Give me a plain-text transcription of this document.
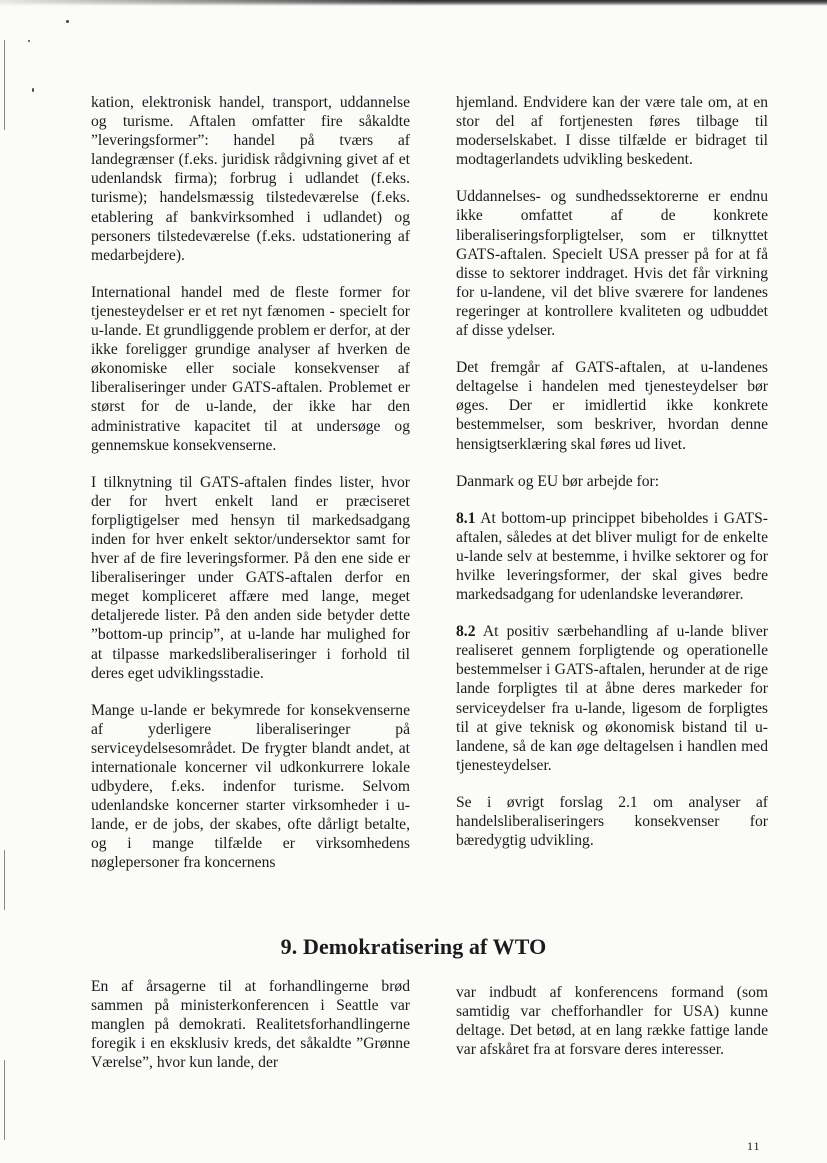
kation, elektronisk handel, transport, uddannelse og turisme. Aftalen omfatter fire såkaldte ”leveringsformer”: handel på tværs af landegrænser (f.eks. juridisk rådgivning givet af et udenlandsk firma); forbrug i udlandet (f.eks. turisme); handelsmæssig tilstedeværelse (f.eks. etablering af bankvirksomhed i udlandet) og personers tilstedeværelse (f.eks. udstationering af medarbejdere).

International handel med de fleste former for tjenesteydelser er et ret nyt fænomen - specielt for u-lande. Et grundliggende problem er derfor, at der ikke foreligger grundige analyser af hverken de økonomiske eller sociale konsekvenser af liberaliseringer under GATS-aftalen. Problemet er størst for de u-lande, der ikke har den administrative kapacitet til at undersøge og gennemskue konsekvenserne.

I tilknytning til GATS-aftalen findes lister, hvor der for hvert enkelt land er præciseret forpligtigelser med hensyn til markedsadgang inden for hver enkelt sektor/undersektor samt for hver af de fire leveringsformer. På den ene side er liberaliseringer under GATS-aftalen derfor en meget kompliceret affære med lange, meget detaljerede lister. På den anden side betyder dette ”bottom-up princip”, at u-lande har mulighed for at tilpasse markedsliberaliseringer i forhold til deres eget udviklingsstadie.

Mange u-lande er bekymrede for konsekvenserne af yderligere liberaliseringer på serviceydelsesområdet. De frygter blandt andet, at internationale koncerner vil udkonkurrere lokale udbydere, f.eks. indenfor turisme. Selvom udenlandske koncerner starter virksomheder i u-lande, er de jobs, der skabes, ofte dårligt betalte, og i mange tilfælde er virksomhedens nøglepersoner fra koncernens

hjemland. Endvidere kan der være tale om, at en stor del af fortjenesten føres tilbage til moderselskabet. I disse tilfælde er bidraget til modtagerlandets udvikling beskedent.

Uddannelses- og sundhedssektorerne er endnu ikke omfattet af de konkrete liberaliseringsforpligtelser, som er tilknyttet GATS-aftalen. Specielt USA presser på for at få disse to sektorer inddraget. Hvis det får virkning for u-landene, vil det blive sværere for landenes regeringer at kontrollere kvaliteten og udbuddet af disse ydelser.

Det fremgår af GATS-aftalen, at u-landenes deltagelse i handelen med tjenesteydelser bør øges. Der er imidlertid ikke konkrete bestemmelser, som beskriver, hvordan denne hensigtserklæring skal føres ud livet.

Danmark og EU bør arbejde for:

8.1 At bottom-up princippet bibeholdes i GATS-aftalen, således at det bliver muligt for de enkelte u-lande selv at bestemme, i hvilke sektorer og for hvilke leveringsformer, der skal gives bedre markedsadgang for udenlandske leverandører.

8.2 At positiv særbehandling af u-lande bliver realiseret gennem forpligtende og operationelle bestemmelser i GATS-aftalen, herunder at de rige lande forpligtes til at åbne deres markeder for serviceydelser fra u-lande, ligesom de forpligtes til at give teknisk og økonomisk bistand til u-landene, så de kan øge deltagelsen i handlen med tjenesteydelser.

Se i øvrigt forslag 2.1 om analyser af handelsliberaliseringers konsekvenser for bæredygtig udvikling.

9. Demokratisering af WTO

En af årsagerne til at forhandlingerne brød sammen på ministerkonferencen i Seattle var manglen på demokrati. Realitetsforhandlingerne foregik i en eksklusiv kreds, det såkaldte ”Grønne Værelse”, hvor kun lande, der

var indbudt af konferencens formand (som samtidig var chefforhandler for USA) kunne deltage. Det betød, at en lang række fattige lande var afskåret fra at forsvare deres interesser.

11
